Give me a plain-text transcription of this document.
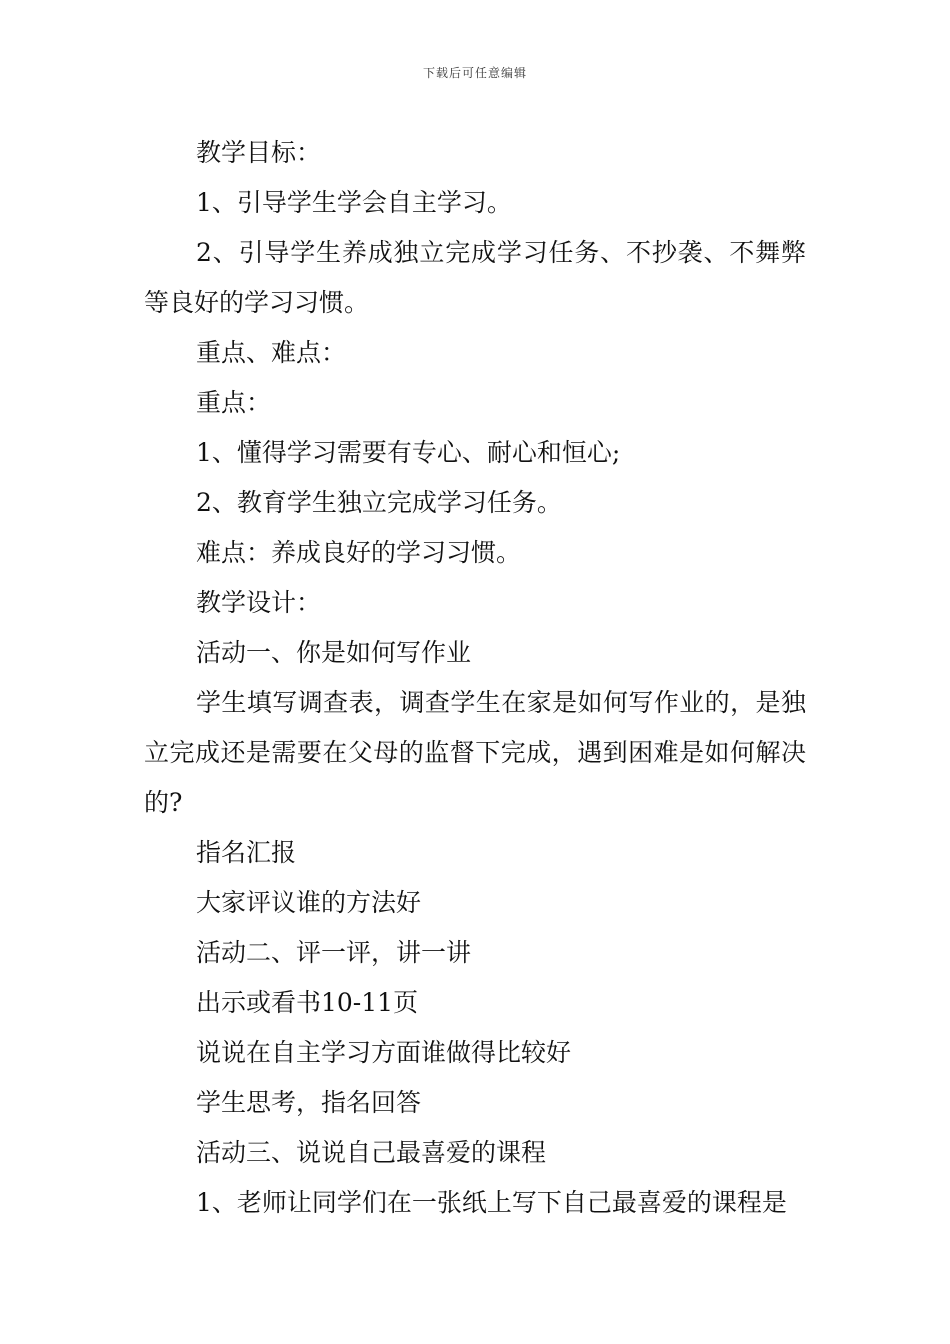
下载后可任意编辑

教学目标：

1、引导学生学会自主学习。

2、引导学生养成独立完成学习任务、不抄袭、不舞弊等良好的学习习惯。

重点、难点：

重点：

1、懂得学习需要有专心、耐心和恒心;

2、教育学生独立完成学习任务。

难点：养成良好的学习习惯。

教学设计：

活动一、你是如何写作业

学生填写调查表，调查学生在家是如何写作业的，是独立完成还是需要在父母的监督下完成，遇到困难是如何解决的?

指名汇报

大家评议谁的方法好

活动二、评一评，讲一讲

出示或看书10-11页

说说在自主学习方面谁做得比较好

学生思考，指名回答

活动三、说说自己最喜爱的课程

1、老师让同学们在一张纸上写下自己最喜爱的课程是
